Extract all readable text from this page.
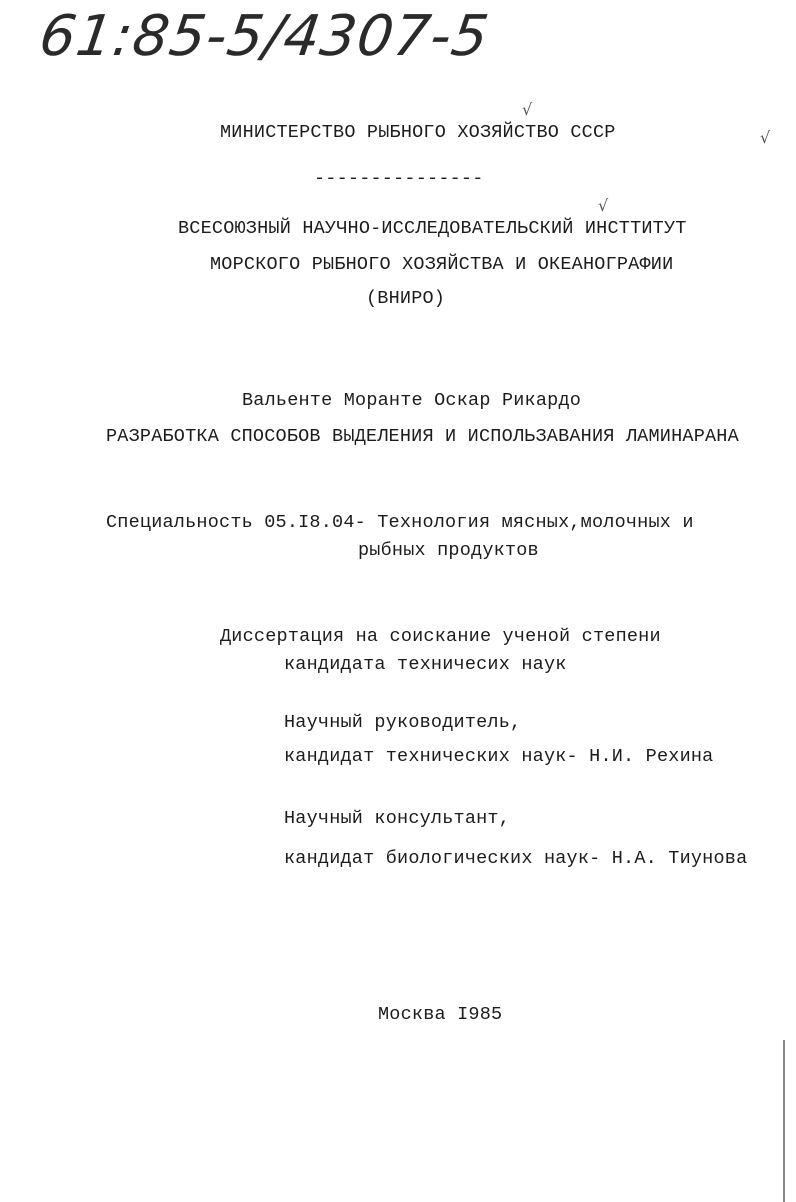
61:85-5/4307-5
√
√
√
МИНИСТЕРСТВО РЫБНОГО ХОЗЯЙСТВО СССР
---------------
ВСЕСОЮЗНЫЙ НАУЧНО-ИССЛЕДОВАТЕЛЬСКИЙ ИНСТТИТУТ
МОРСКОГО РЫБНОГО ХОЗЯЙСТВА И ОКЕАНОГРАФИИ
(ВНИРО)
Вальенте Моранте Оскар Рикардо
РАЗРАБОТКА СПОСОБОВ ВЫДЕЛЕНИЯ И ИСПОЛЬЗАВАНИЯ ЛАМИНАРАНА
Специальность 05.I8.04- Технология мясных,молочных и
рыбных продуктов
Диссертация на соискание ученой степени
кандидата техничесих наук
Научный руководитель,
кандидат технических наук- Н.И. Рехина
Научный консультант,
кандидат биологических наук- Н.А. Тиунова
Москва I985
